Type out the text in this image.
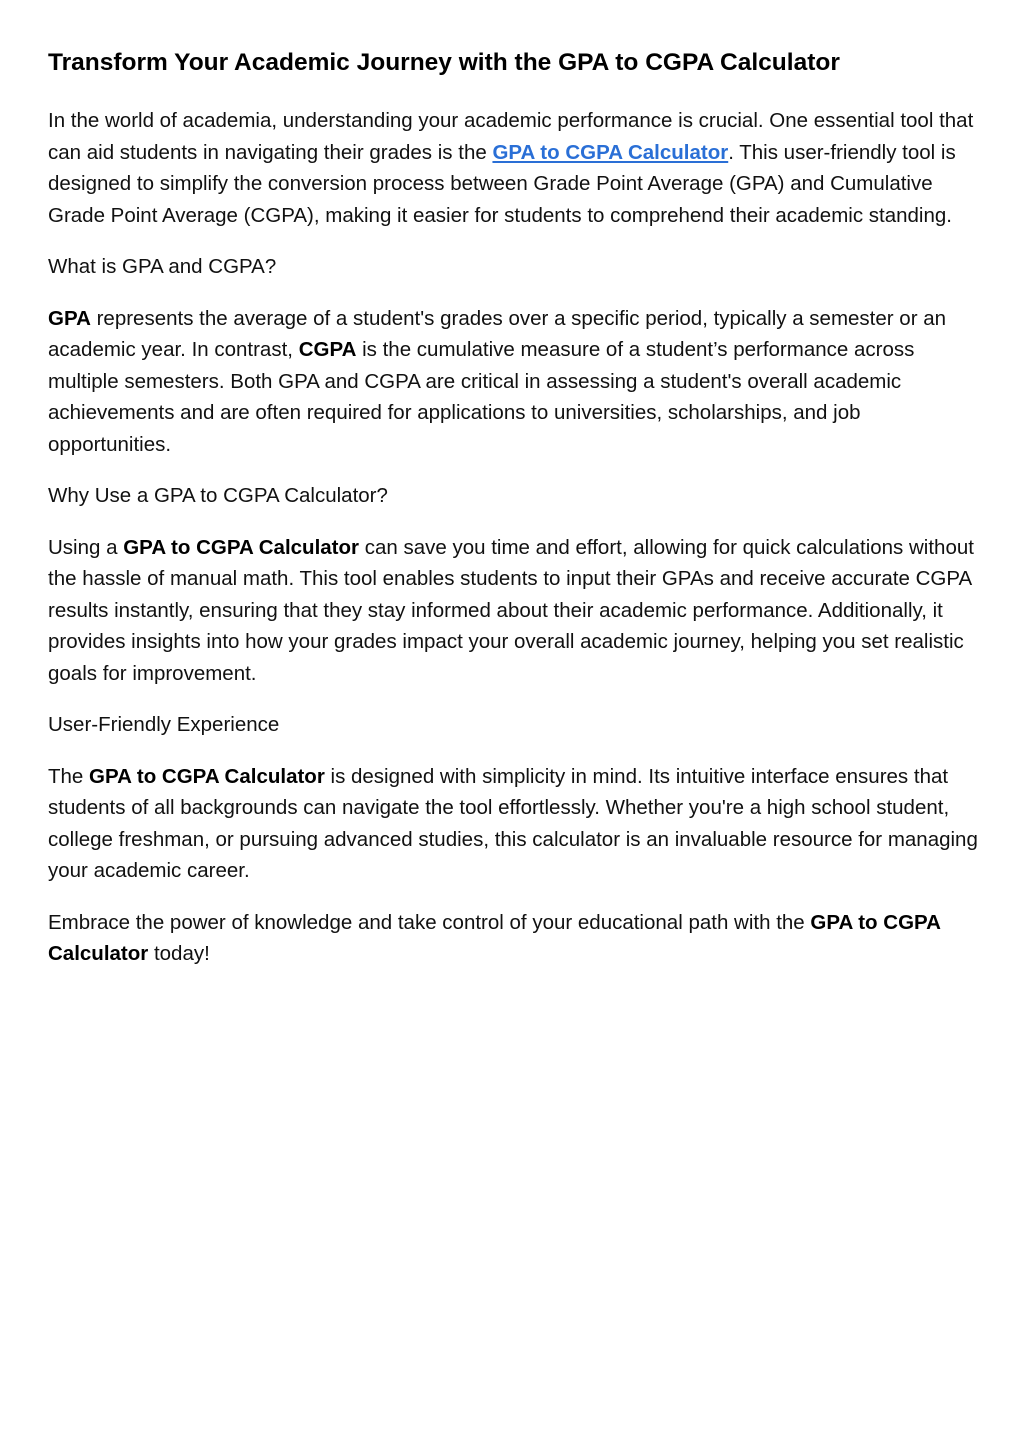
Transform Your Academic Journey with the GPA to CGPA Calculator

In the world of academia, understanding your academic performance is crucial. One essential tool that can aid students in navigating their grades is the GPA to CGPA Calculator. This user-friendly tool is designed to simplify the conversion process between Grade Point Average (GPA) and Cumulative Grade Point Average (CGPA), making it easier for students to comprehend their academic standing.

What is GPA and CGPA?

GPA represents the average of a student's grades over a specific period, typically a semester or an academic year. In contrast, CGPA is the cumulative measure of a student’s performance across multiple semesters. Both GPA and CGPA are critical in assessing a student's overall academic achievements and are often required for applications to universities, scholarships, and job opportunities.

Why Use a GPA to CGPA Calculator?

Using a GPA to CGPA Calculator can save you time and effort, allowing for quick calculations without the hassle of manual math. This tool enables students to input their GPAs and receive accurate CGPA results instantly, ensuring that they stay informed about their academic performance. Additionally, it provides insights into how your grades impact your overall academic journey, helping you set realistic goals for improvement.

User-Friendly Experience

The GPA to CGPA Calculator is designed with simplicity in mind. Its intuitive interface ensures that students of all backgrounds can navigate the tool effortlessly. Whether you're a high school student, college freshman, or pursuing advanced studies, this calculator is an invaluable resource for managing your academic career.

Embrace the power of knowledge and take control of your educational path with the GPA to CGPA Calculator today!
